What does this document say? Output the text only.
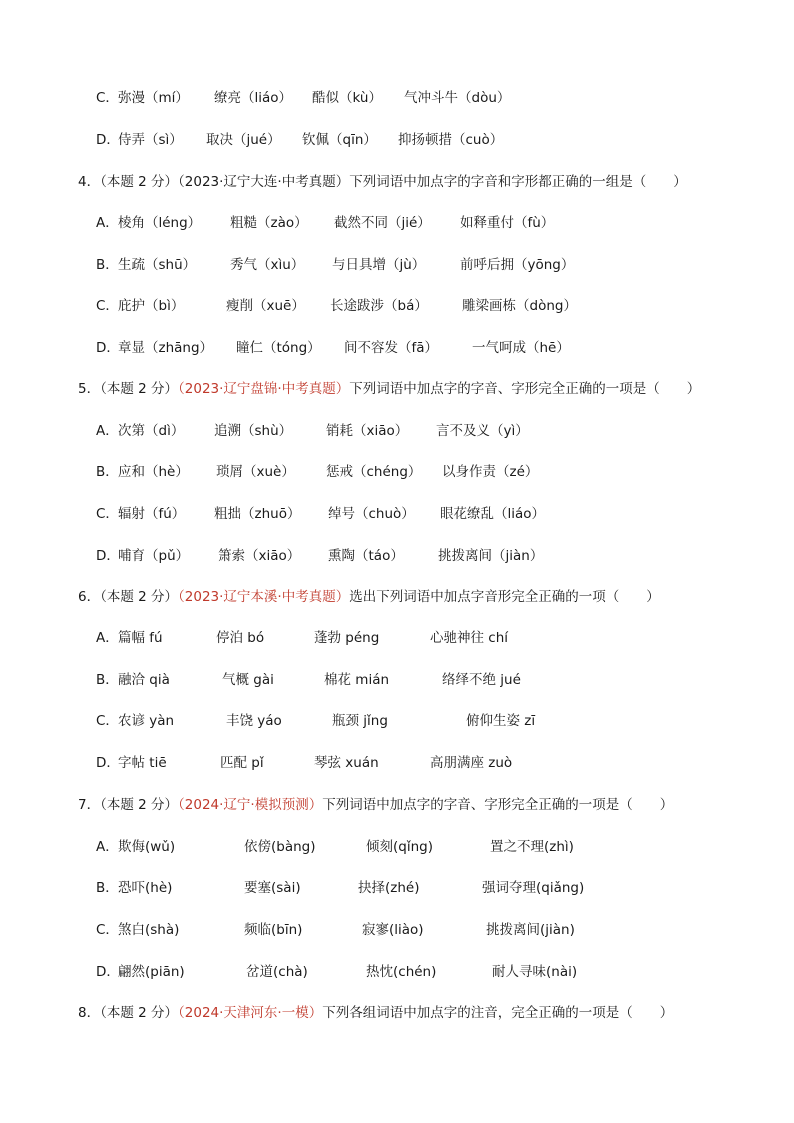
C． 弥漫（mí） 缭亮（liáo） 酷似（kù） 气冲斗牛（dòu）
D．
侍弄（sì） 取决（jué） 钦佩（qīn） 抑扬顿措（cuò）
4．（本题 2 分）（2023·辽宁大连·中考真题）下列词语中加点字的字音和字形都正确的一组是（　　）
A． 棱角（léng） 粗糙（zào） 截然不同（jié） 如释重付（fù）
B． 生疏（shū）	秀气（xìu） 与日具增（jù）	前呼后拥（yōng）
C． 庇护（bì）	瘦削（xuē） 长途跋涉（bá）	雕梁画栋（dòng）
D．
章显（zhāng） 瞳仁（tóng） 间不容发（fā）	一气呵成（hē）
5．（本题 2 分）（2023·辽宁盘锦·中考真题）下列词语中加点字的字音、字形完全正确的一项是（　　）
A． 次第（dì） 追溯（shù）	销耗（xiāo） 言不及义（yì）
B． 应和（hè） 琐屑（xuè） 惩戒（chéng） 以身作责（zé）
C． 辐射（fú） 粗拙（zhuō） 绰号（chuò） 眼花缭乱（liáo）
D．
哺育（pǔ） 箫索（xiāo） 熏陶（táo）	挑拨离间（jiàn）
6．（本题 2 分）（2023·辽宁本溪·中考真题）选出下列词语中加点字音形完全正确的一项（　　）
A． 篇幅 fú	停泊 bó	蓬勃 péng	心驰神往 chí
B． 融洽 qià	气概 gài	棉花 mián	络绎不绝 jué
C． 农谚 yàn	丰饶 yáo	瓶颈 jǐng	俯仰生姿 zī
D．
字帖 tiē	匹配 pǐ	琴弦 xuán	高朋满座 zuò
7．（本题 2 分）（2024·辽宁·模拟预测）下列词语中加点字的字音、字形完全正确的一项是（　　）
A． 欺侮(wǔ)	依傍(bàng)	倾刻(qǐng)	置之不理(zhì)
B． 恐吓(hè)	要塞(sài)	抉择(zhé)	强词夺理(qiǎng)
C． 煞白(shà)	频临(bīn)	寂寥(liào)	挑拨离间(jiàn)
D．
翩然(piān)	岔道(chà)	热忱(chén)	耐人寻味(nài)
8．（本题 2 分）（2024·天津河东·一模）下列各组词语中加点字的注音，完全正确的一项是（　　）
